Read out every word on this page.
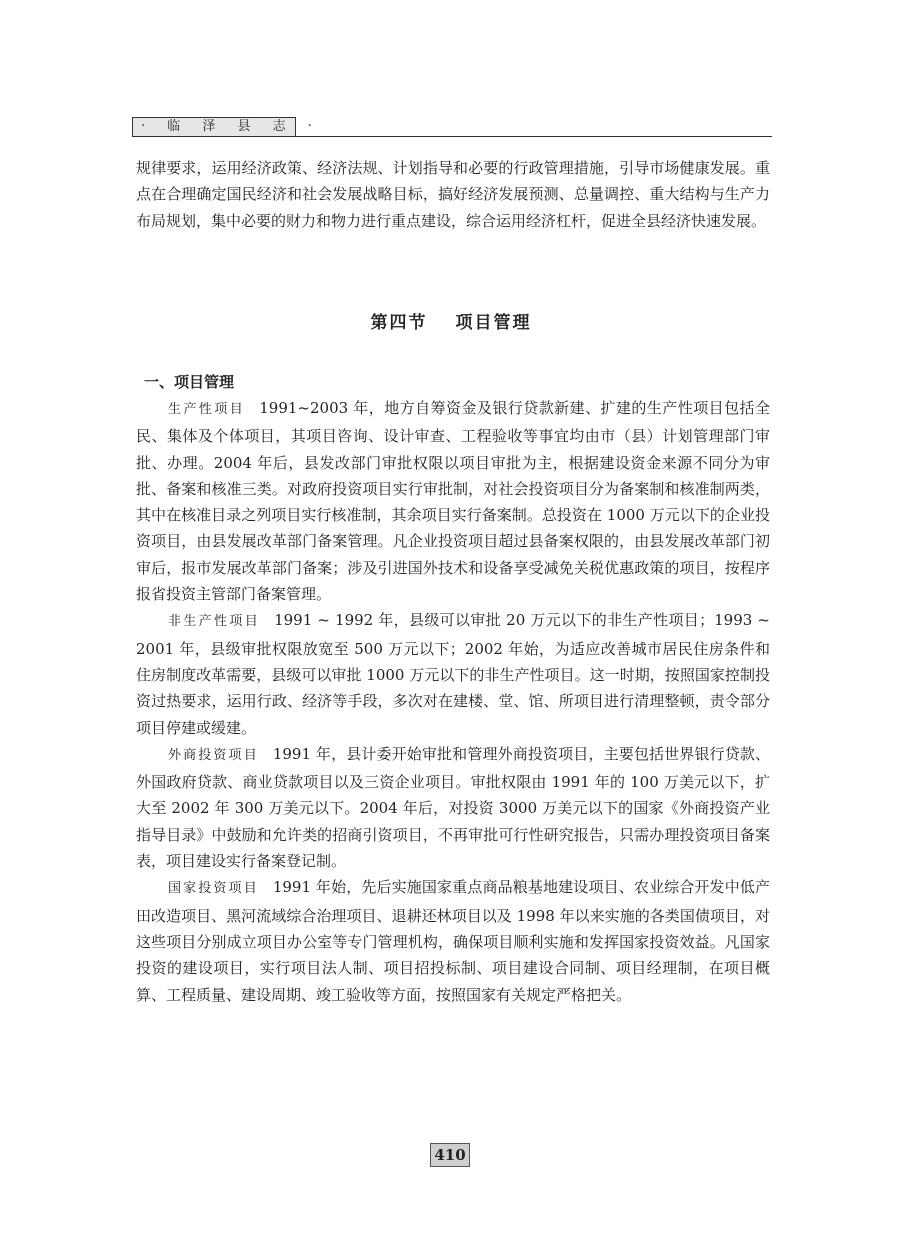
· 临 泽 县 志 ·

规律要求，运用经济政策、经济法规、计划指导和必要的行政管理措施，引导市场健康发展。重点在合理确定国民经济和社会发展战略目标，搞好经济发展预测、总量调控、重大结构与生产力布局规划，集中必要的财力和物力进行重点建设，综合运用经济杠杆，促进全县经济快速发展。

第四节 项目管理

一、项目管理

生产性项目 1991~2003 年，地方自筹资金及银行贷款新建、扩建的生产性项目包括全民、集体及个体项目，其项目咨询、设计审查、工程验收等事宜均由市（县）计划管理部门审批、办理。2004 年后，县发改部门审批权限以项目审批为主，根据建设资金来源不同分为审批、备案和核准三类。对政府投资项目实行审批制，对社会投资项目分为备案制和核准制两类，其中在核准目录之列项目实行核准制，其余项目实行备案制。总投资在 1000 万元以下的企业投资项目，由县发展改革部门备案管理。凡企业投资项目超过县备案权限的，由县发展改革部门初审后，报市发展改革部门备案；涉及引进国外技术和设备享受减免关税优惠政策的项目，按程序报省投资主管部门备案管理。

非生产性项目 1991 ~ 1992 年，县级可以审批 20 万元以下的非生产性项目；1993 ~ 2001 年，县级审批权限放宽至 500 万元以下；2002 年始，为适应改善城市居民住房条件和住房制度改革需要，县级可以审批 1000 万元以下的非生产性项目。这一时期，按照国家控制投资过热要求，运用行政、经济等手段，多次对在建楼、堂、馆、所项目进行清理整顿，责令部分项目停建或缓建。

外商投资项目 1991 年，县计委开始审批和管理外商投资项目，主要包括世界银行贷款、外国政府贷款、商业贷款项目以及三资企业项目。审批权限由 1991 年的 100 万美元以下，扩大至 2002 年 300 万美元以下。2004 年后，对投资 3000 万美元以下的国家《外商投资产业指导目录》中鼓励和允许类的招商引资项目，不再审批可行性研究报告，只需办理投资项目备案表，项目建设实行备案登记制。

国家投资项目 1991 年始，先后实施国家重点商品粮基地建设项目、农业综合开发中低产田改造项目、黑河流域综合治理项目、退耕还林项目以及 1998 年以来实施的各类国债项目，对这些项目分别成立项目办公室等专门管理机构，确保项目顺利实施和发挥国家投资效益。凡国家投资的建设项目，实行项目法人制、项目招投标制、项目建设合同制、项目经理制，在项目概算、工程质量、建设周期、竣工验收等方面，按照国家有关规定严格把关。

410
